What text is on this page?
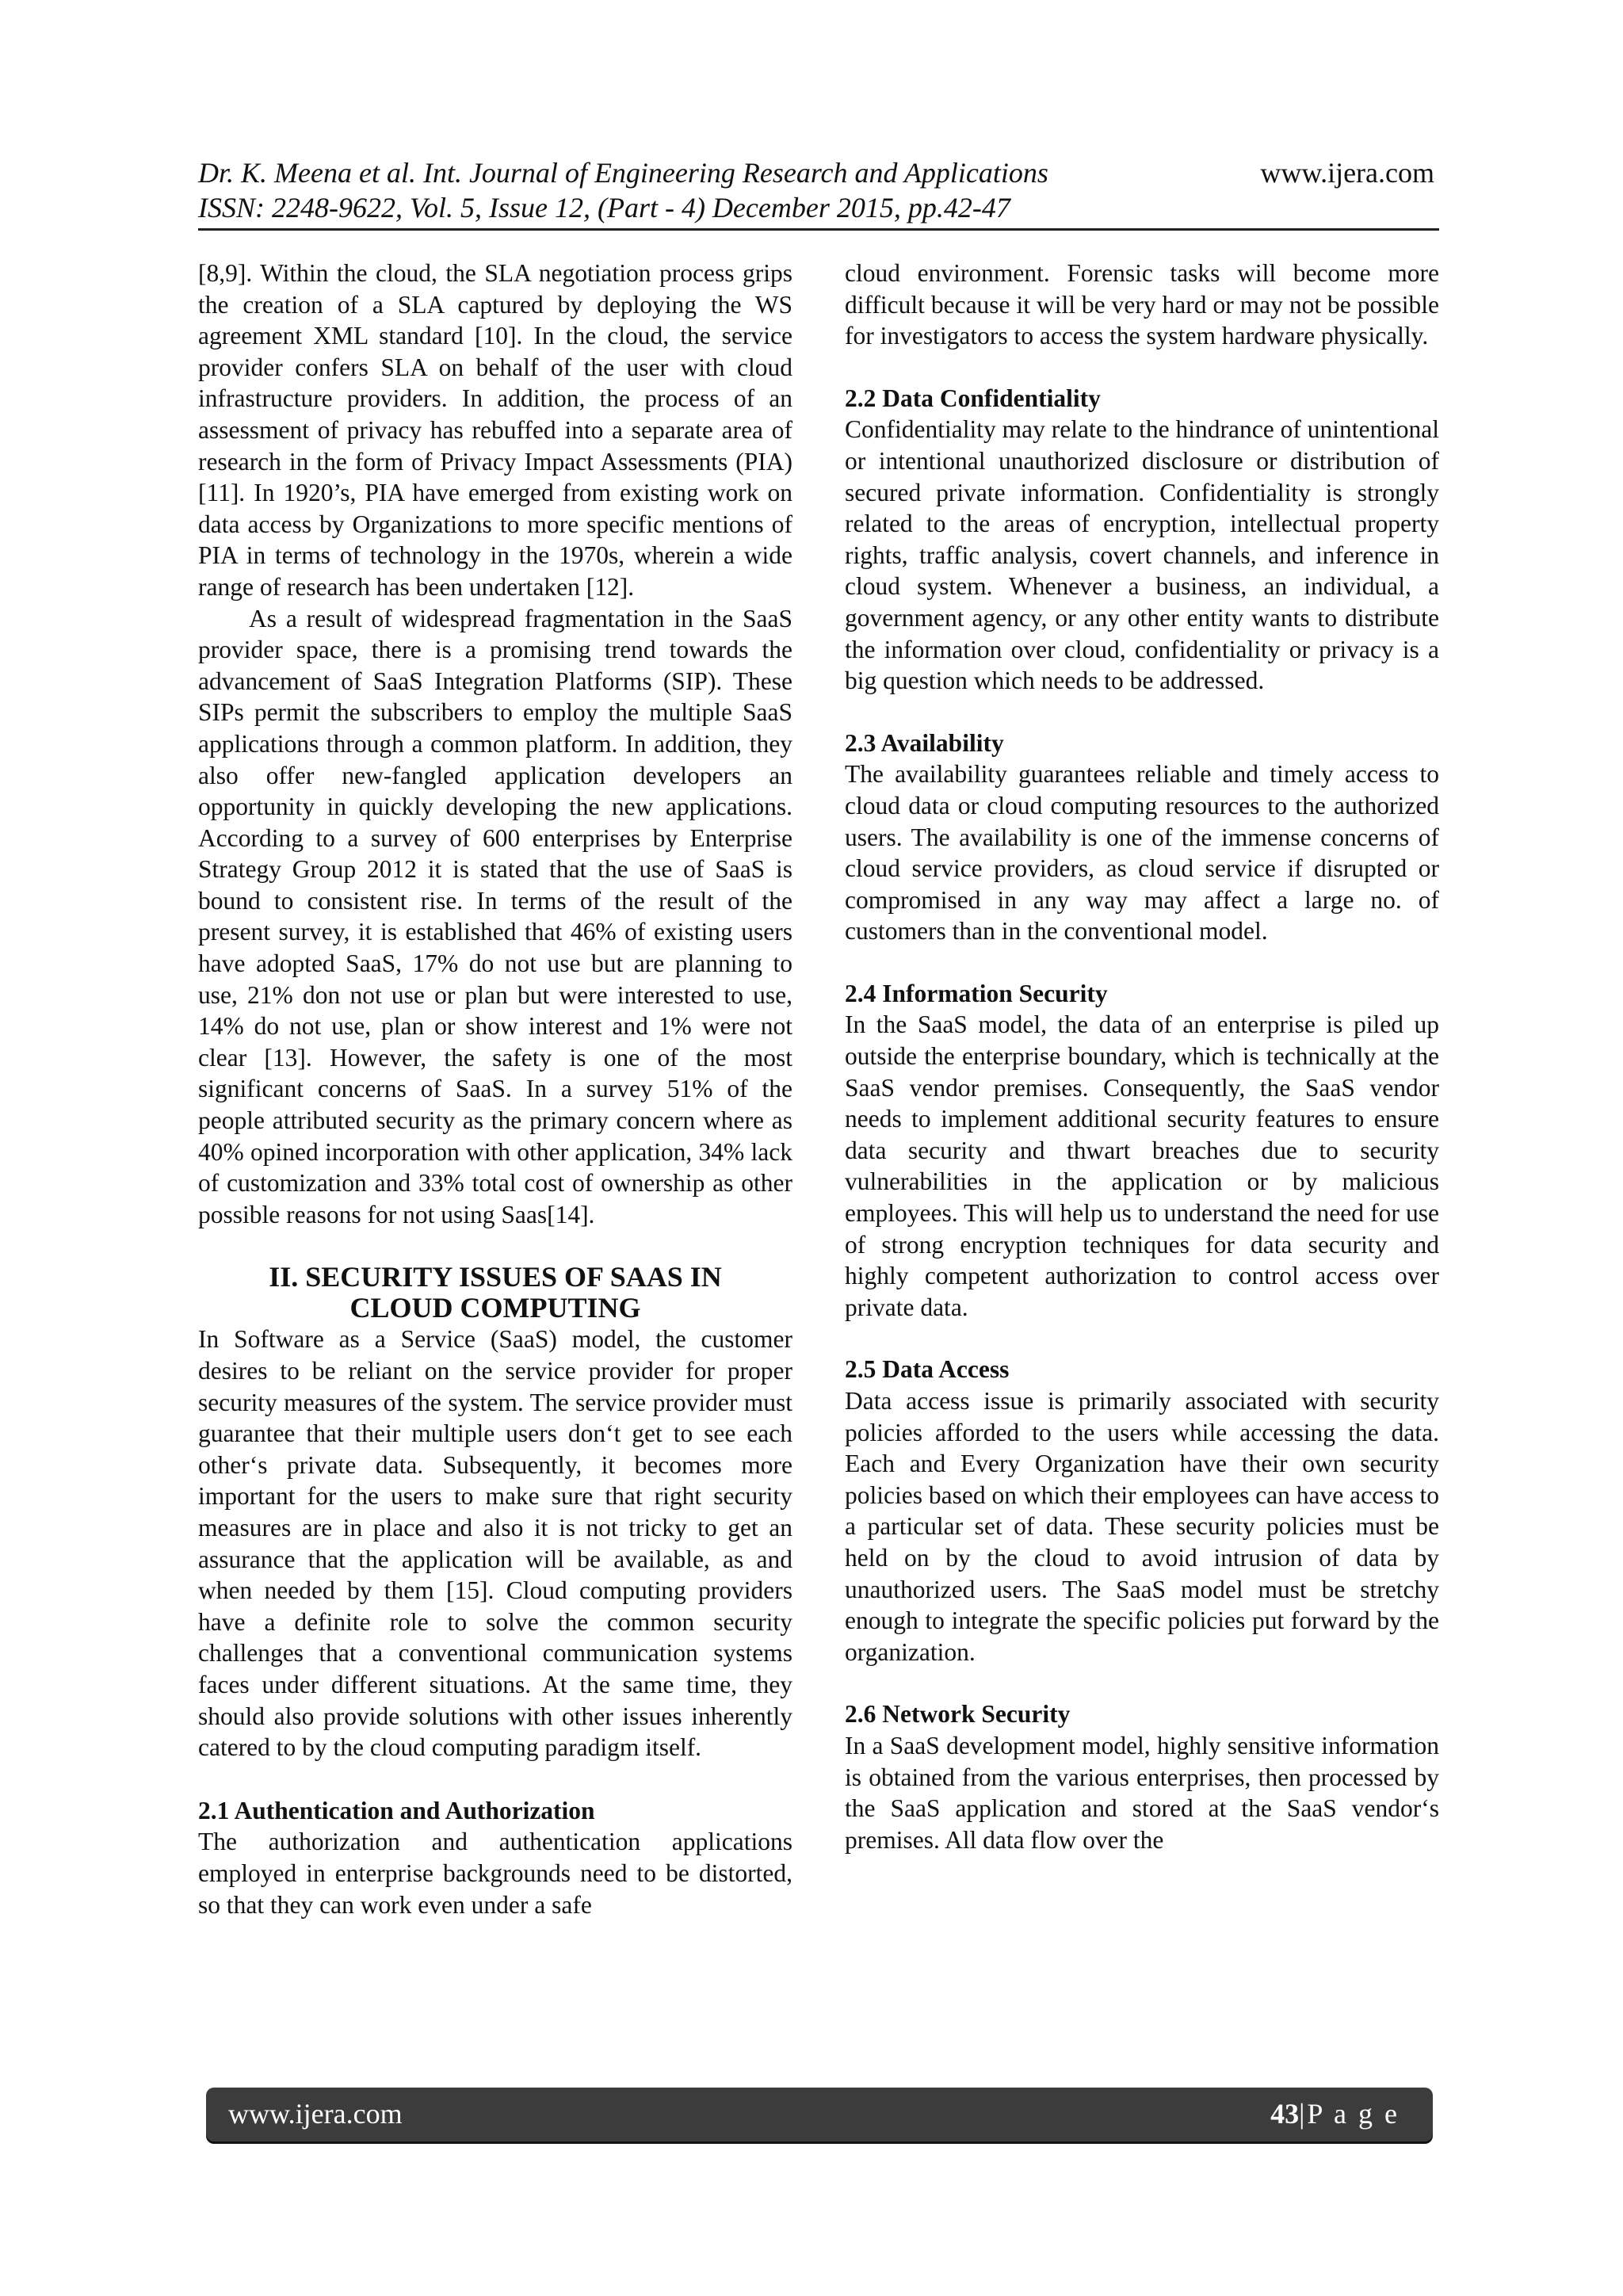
Dr. K. Meena et al. Int. Journal of Engineering Research and Applications
ISSN: 2248-9622, Vol. 5, Issue 12, (Part - 4) December 2015, pp.42-47
www.ijera.com

[8,9]. Within the cloud, the SLA negotiation process grips the creation of a SLA captured by deploying the WS agreement XML standard [10]. In the cloud, the service provider confers SLA on behalf of the user with cloud infrastructure providers. In addition, the process of an assessment of privacy has rebuffed into a separate area of research in the form of Privacy Impact Assessments (PIA) [11]. In 1920’s, PIA have emerged from existing work on data access by Organizations to more specific mentions of PIA in terms of technology in the 1970s, wherein a wide range of research has been undertaken [12].

As a result of widespread fragmentation in the SaaS provider space, there is a promising trend towards the advancement of SaaS Integration Platforms (SIP). These SIPs permit the subscribers to employ the multiple SaaS applications through a common platform. In addition, they also offer new-fangled application developers an opportunity in quickly developing the new applications. According to a survey of 600 enterprises by Enterprise Strategy Group 2012 it is stated that the use of SaaS is bound to consistent rise. In terms of the result of the present survey, it is established that 46% of existing users have adopted SaaS, 17% do not use but are planning to use, 21% don not use or plan but were interested to use, 14% do not use, plan or show interest and 1% were not clear [13]. However, the safety is one of the most significant concerns of SaaS. In a survey 51% of the people attributed security as the primary concern where as 40% opined incorporation with other application, 34% lack of customization and 33% total cost of ownership as other possible reasons for not using Saas[14].

II. SECURITY ISSUES OF SAAS IN
CLOUD COMPUTING

In Software as a Service (SaaS) model, the customer desires to be reliant on the service provider for proper security measures of the system. The service provider must guarantee that their multiple users don‘t get to see each other‘s private data. Subsequently, it becomes more important for the users to make sure that right security measures are in place and also it is not tricky to get an assurance that the application will be available, as and when needed by them [15]. Cloud computing providers have a definite role to solve the common security challenges that a conventional communication systems faces under different situations. At the same time, they should also provide solutions with other issues inherently catered to by the cloud computing paradigm itself.

2.1 Authentication and Authorization

The authorization and authentication applications employed in enterprise backgrounds need to be distorted, so that they can work even under a safe

cloud environment. Forensic tasks will become more difficult because it will be very hard or may not be possible for investigators to access the system hardware physically.

2.2 Data Confidentiality

Confidentiality may relate to the hindrance of unintentional or intentional unauthorized disclosure or distribution of secured private information. Confidentiality is strongly related to the areas of encryption, intellectual property rights, traffic analysis, covert channels, and inference in cloud system. Whenever a business, an individual, a government agency, or any other entity wants to distribute the information over cloud, confidentiality or privacy is a big question which needs to be addressed.

2.3 Availability

The availability guarantees reliable and timely access to cloud data or cloud computing resources to the authorized users. The availability is one of the immense concerns of cloud service providers, as cloud service if disrupted or compromised in any way may affect a large no. of customers than in the conventional model.

2.4 Information Security

In the SaaS model, the data of an enterprise is piled up outside the enterprise boundary, which is technically at the SaaS vendor premises. Consequently, the SaaS vendor needs to implement additional security features to ensure data security and thwart breaches due to security vulnerabilities in the application or by malicious employees. This will help us to understand the need for use of strong encryption techniques for data security and highly competent authorization to control access over private data.

2.5 Data Access

Data access issue is primarily associated with security policies afforded to the users while accessing the data. Each and Every Organization have their own security policies based on which their employees can have access to a particular set of data. These security policies must be held on by the cloud to avoid intrusion of data by unauthorized users. The SaaS model must be stretchy enough to integrate the specific policies put forward by the organization.

2.6 Network Security

In a SaaS development model, highly sensitive information is obtained from the various enterprises, then processed by the SaaS application and stored at the SaaS vendor‘s premises. All data flow over the

www.ijera.com	43|P a g e
